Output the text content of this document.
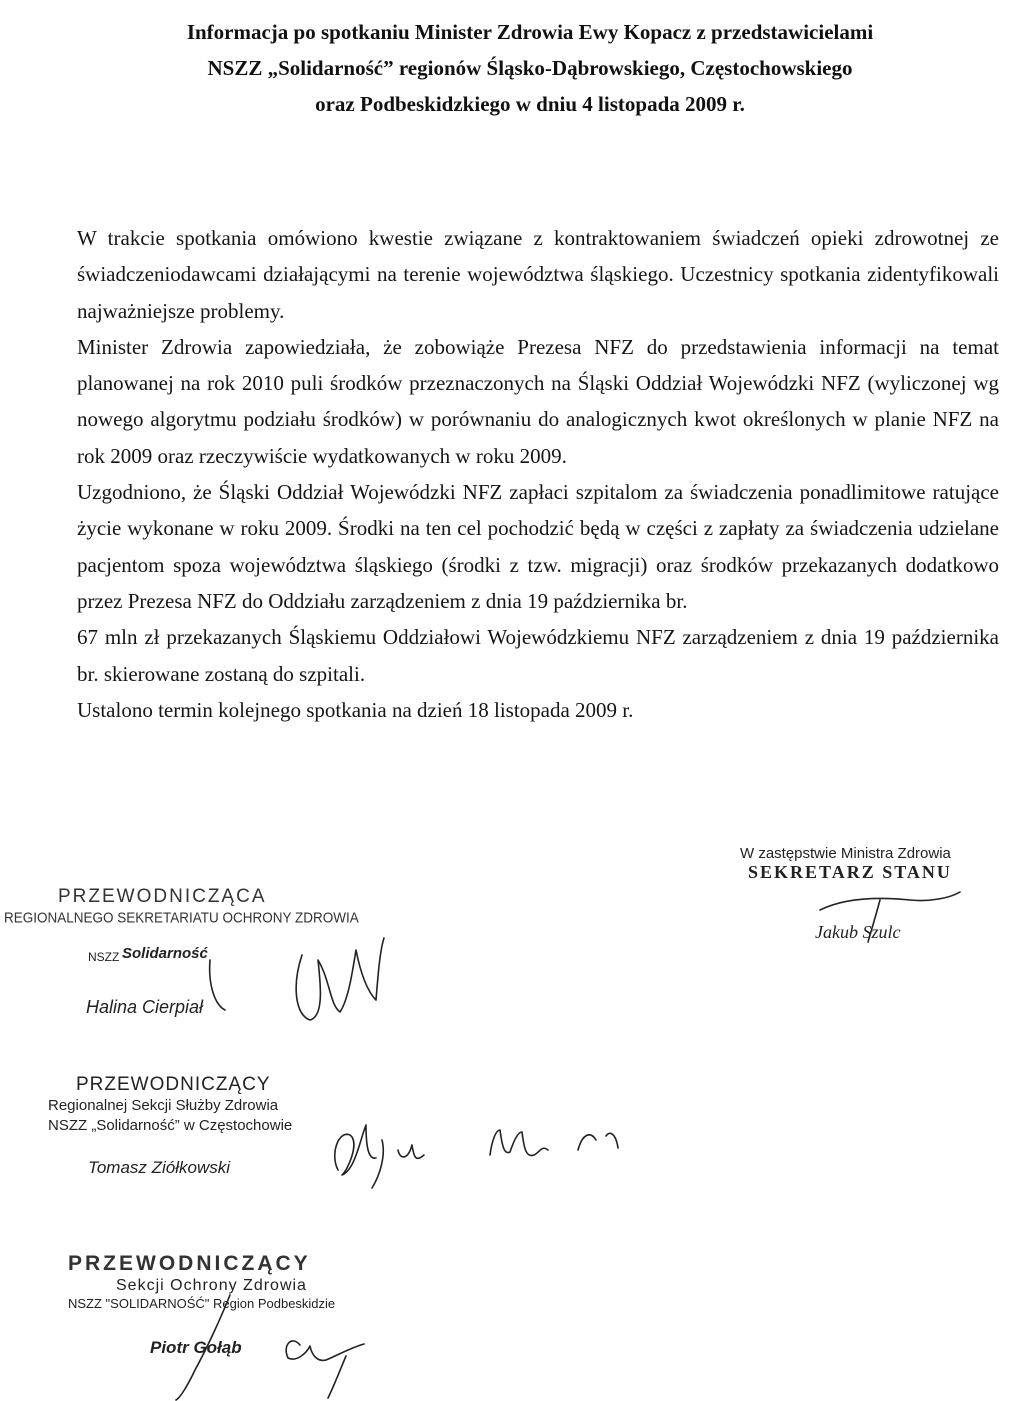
Informacja po spotkaniu Minister Zdrowia Ewy Kopacz z przedstawicielami
NSZZ „Solidarność” regionów Śląsko-Dąbrowskiego, Częstochowskiego
oraz Podbeskidzkiego w dniu 4 listopada 2009 r.

W trakcie spotkania omówiono kwestie związane z kontraktowaniem świadczeń opieki zdrowotnej ze świadczeniodawcami działającymi na terenie województwa śląskiego. Uczestnicy spotkania zidentyfikowali najważniejsze problemy.

Minister Zdrowia zapowiedziała, że zobowiąże Prezesa NFZ do przedstawienia informacji na temat planowanej na rok 2010 puli środków przeznaczonych na Śląski Oddział Wojewódzki NFZ (wyliczonej wg nowego algorytmu podziału środków) w porównaniu do analogicznych kwot określonych w planie NFZ na rok 2009 oraz rzeczywiście wydatkowanych w roku 2009.

Uzgodniono, że Śląski Oddział Wojewódzki NFZ zapłaci szpitalom za świadczenia ponadlimitowe ratujące życie wykonane w roku 2009. Środki na ten cel pochodzić będą w części z zapłaty za świadczenia udzielane pacjentom spoza województwa śląskiego (środki z tzw. migracji) oraz środków przekazanych dodatkowo przez Prezesa NFZ do Oddziału zarządzeniem z dnia 19 października br.

67 mln zł przekazanych Śląskiemu Oddziałowi Wojewódzkiemu NFZ zarządzeniem z dnia 19 października br. skierowane zostaną do szpitali.

Ustalono termin kolejnego spotkania na dzień 18 listopada 2009 r.

W zastępstwie Ministra Zdrowia
SEKRETARZ STANU
Jakub Szulc
PRZEWODNICZĄCA
REGIONALNEGO SEKRETARIATU OCHRONY ZDROWIA
NSZZ Solidarność
Halina Cierpiał
PRZEWODNICZĄCY
Regionalnej Sekcji Służby Zdrowia
NSZZ „Solidarność” w Częstochowie
Tomasz Ziółkowski
PRZEWODNICZĄCY
Sekcji Ochrony Zdrowia
NSZZ "SOLIDARNOŚĆ" Region Podbeskidzie
Piotr Gołąb
